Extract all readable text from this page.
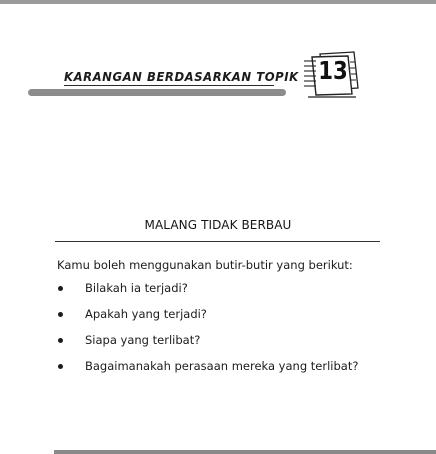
KARANGAN BERDASARKAN TOPIK 13
MALANG TIDAK BERBAU
Kamu boleh menggunakan butir-butir yang berikut:
Bilakah ia terjadi?
Apakah yang terjadi?
Siapa yang terlibat?
Bagaimanakah perasaan mereka yang terlibat?
